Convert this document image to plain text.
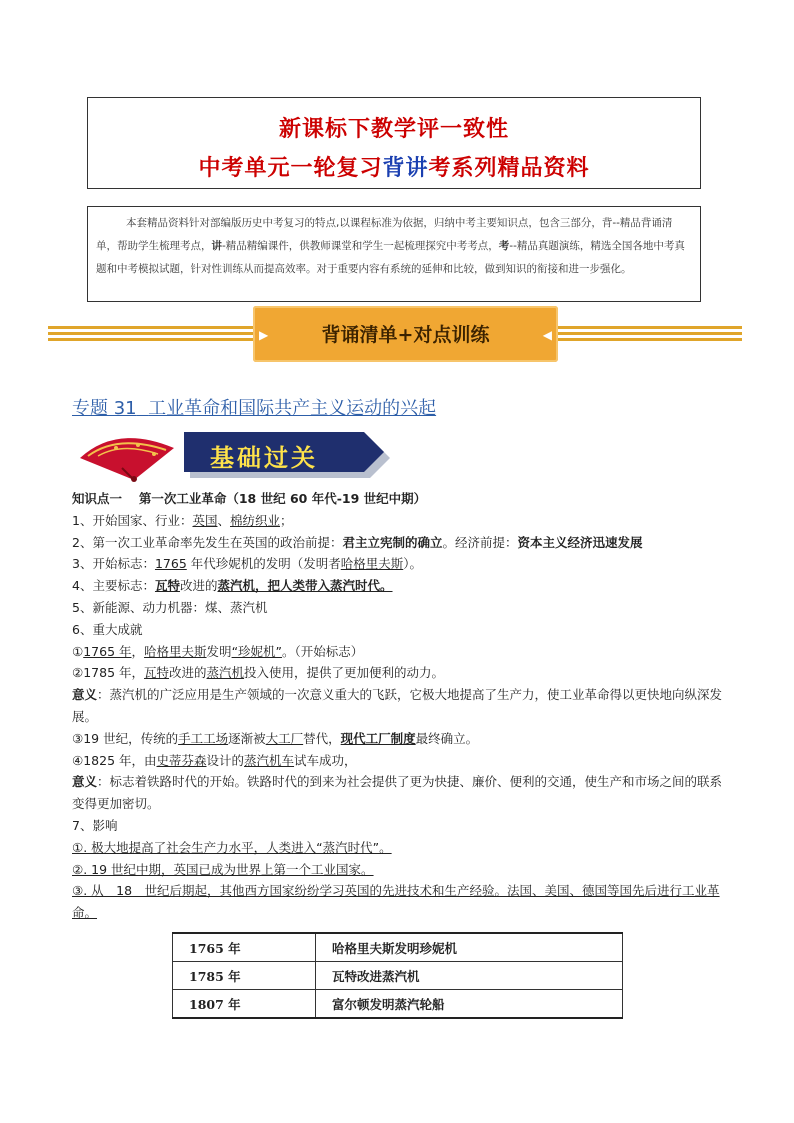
新课标下教学评一致性
中考单元一轮复习背讲考系列精品资料
本套精品资料针对部编版历史中考复习的特点,以课程标准为依据，归纳中考主要知识点，包含三部分，背--精品背诵清单，帮助学生梳理考点，讲-精品精编课件，供教师课堂和学生一起梳理探究中考考点，考--精品真题演练，精选全国各地中考真题和中考模拟试题，针对性训练从而提高效率。对于重要内容有系统的延伸和比较，做到知识的衔接和进一步强化。
▶	背诵清单+对点训练	◀
专题 31 工业革命和国际共产主义运动的兴起
基础过关

知识点一　 第一次工业革命（18 世纪 60 年代-19 世纪中期）

1、开始国家、行业：英国、棉纺织业；

2、第一次工业革命率先发生在英国的政治前提：君主立宪制的确立。经济前提：资本主义经济迅速发展

3、开始标志：1765 年代珍妮机的发明（发明者哈格里夫斯）。

4、主要标志：瓦特改进的蒸汽机，把人类带入蒸汽时代。

5、新能源、动力机器：煤、蒸汽机

6、重大成就

①1765 年，哈格里夫斯发明“珍妮机”。（开始标志）

②1785 年，瓦特改进的蒸汽机投入使用，提供了更加便利的动力。

意义：蒸汽机的广泛应用是生产领域的一次意义重大的飞跃，它极大地提高了生产力，使工业革命得以更快地向纵深发展。

③19 世纪，传统的手工工场逐渐被大工厂替代，现代工厂制度最终确立。

④1825 年，由史蒂芬森设计的蒸汽机车试车成功，

意义：标志着铁路时代的开始。铁路时代的到来为社会提供了更为快捷、廉价、便利的交通，使生产和市场之间的联系变得更加密切。

7、影响

①. 极大地提高了社会生产力水平，人类进入“蒸汽时代”。

②. 19 世纪中期，英国已成为世界上第一个工业国家。

③. 从　18　世纪后期起，其他西方国家纷纷学习英国的先进技术和生产经验。法国、美国、德国等国先后进行工业革命。

1765 年	哈格里夫斯发明珍妮机
1785 年	瓦特改进蒸汽机
1807 年	富尔顿发明蒸汽轮船
